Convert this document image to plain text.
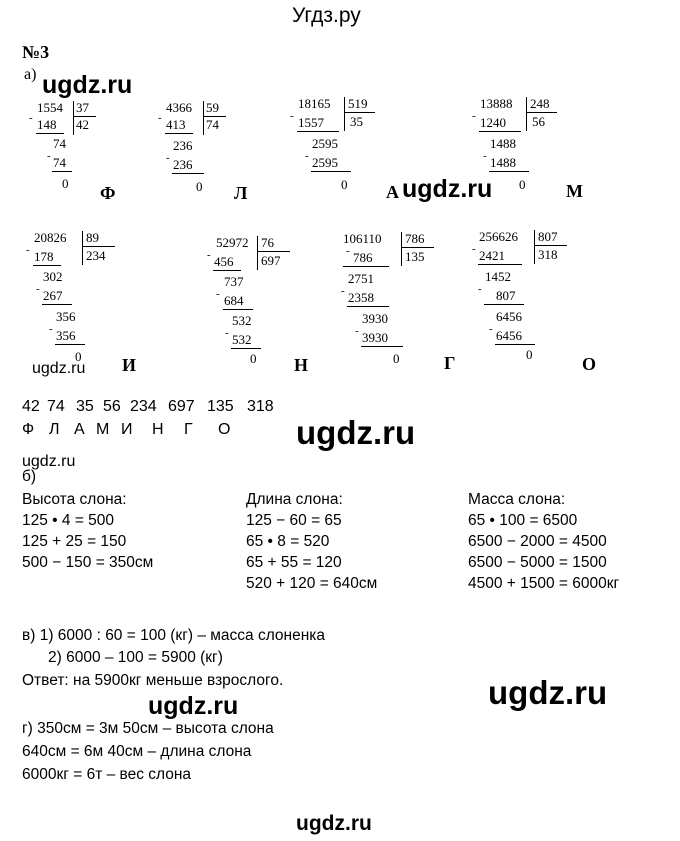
Угдз.ру
№3
а) ugdz.ru
ugdz.ru
ugdz.ru
ugdz.ru
ugdz.ru
ugdz.ru
ugdz.ru
ugdz.ru
1554 37
42
- 148
74
- 74
0 Ф
4366 59
74
- 413
236
- 236
0 Л
18165 519
35
- 1557
2595
- 2595
0 А
13888 248
56
- 1240
1488
- 1488
0 М
20826 89
234
- 178
302
- 267
356
- 356
0 И
52972 76
697
- 456
737
- 684
532
- 532
0 Н
106110 786
135
- 786
2751
- 2358
3930
- 3930
0 Г
256626 807
318
- 2421
1452
- 807
6456
- 6456
0	О
42 74 35 56 234 697 135 318
Ф Л А М И Н Г О
б)
Высота слона:
125 • 4 = 500
125 + 25 = 150
500 − 150 = 350см
Длина слона:
125 − 60 = 65
65 • 8 = 520
65 + 55 = 120
520 + 120 = 640см
Масса слона:
65 • 100 = 6500
6500 − 2000 = 4500
6500 − 5000 = 1500
4500 + 1500 = 6000кг
в) 1) 6000 : 60 = 100 (кг) – масса слоненка
2) 6000 – 100 = 5900 (кг)
Ответ: на 5900кг меньше взрослого.
г) 350см = 3м 50см – высота слона
640см = 6м 40см – длина слона
6000кг = 6т – вес слона
